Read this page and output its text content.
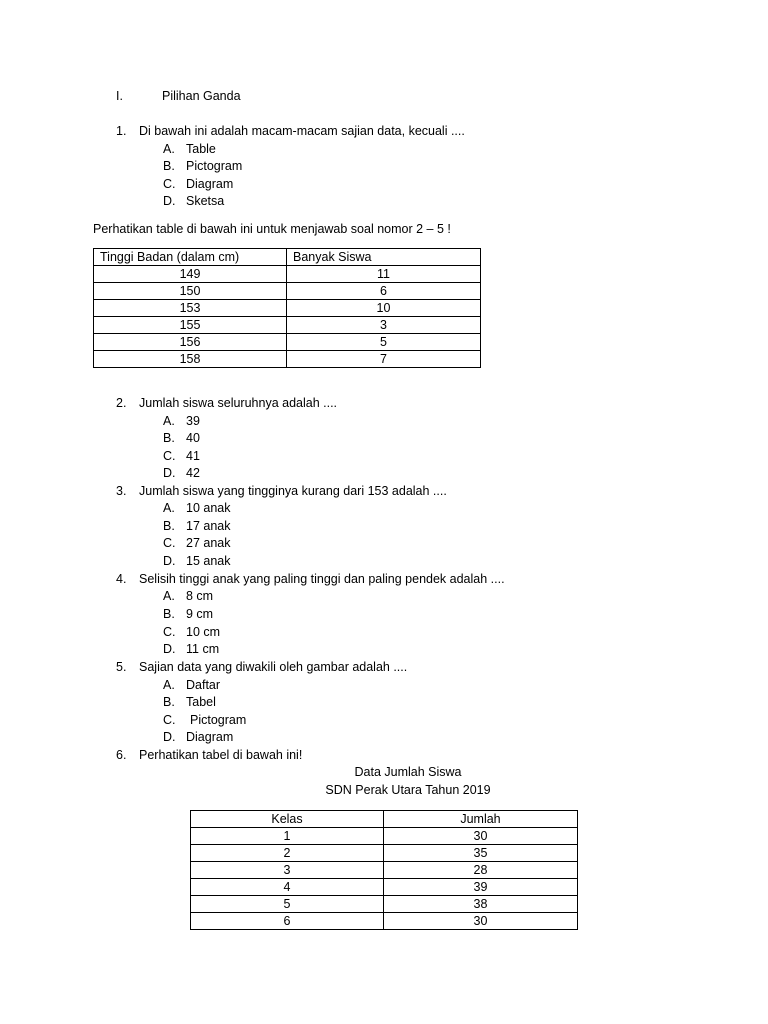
I.	Pilihan Ganda
1. Di bawah ini adalah macam-macam sajian data, kecuali ....
A. Table
B. Pictogram
C. Diagram
D. Sketsa
Perhatikan table di bawah ini untuk menjawab soal nomor 2 – 5 !
Tinggi Badan (dalam cm)	Banyak Siswa
149	11
150	6
153	10
155	3
156	5
158	7
2. Jumlah siswa seluruhnya adalah ....
A. 39
B. 40
C. 41
D. 42
3. Jumlah siswa yang tingginya kurang dari 153 adalah ....
A. 10 anak
B. 17 anak
C. 27 anak
D. 15 anak
4. Selisih tinggi anak yang paling tinggi dan paling pendek adalah ....
A. 8 cm
B. 9 cm
C. 10 cm
D. 11 cm
5. Sajian data yang diwakili oleh gambar adalah ....
A. Daftar
B. Tabel
C. Pictogram
D. Diagram
6. Perhatikan tabel di bawah ini!
Data Jumlah Siswa
SDN Perak Utara Tahun 2019
Kelas	Jumlah
1	30
2	35
3	28
4	39
5	38
6	30
